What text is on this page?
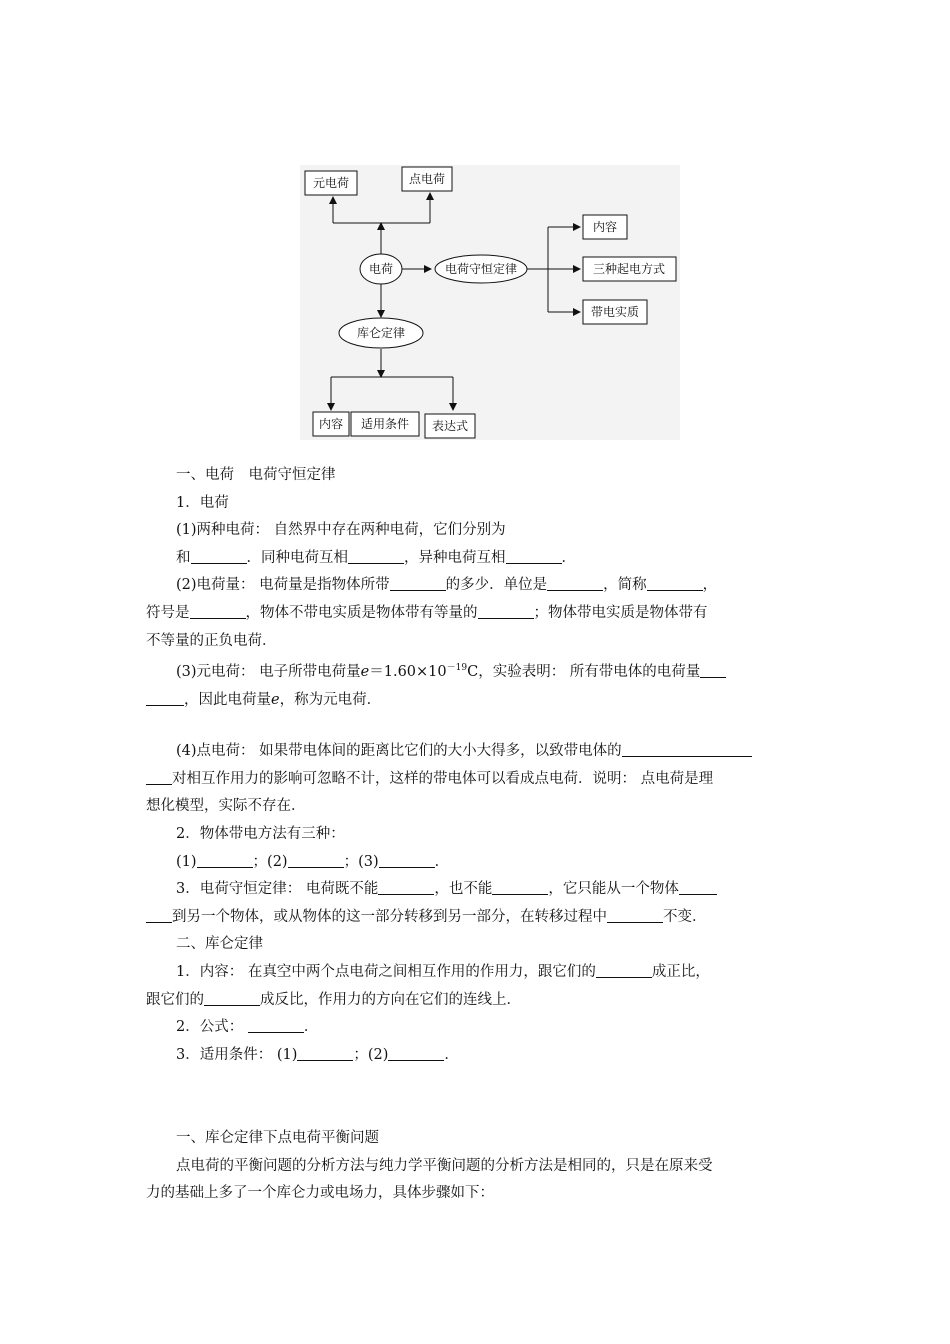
元电荷	点电荷
电荷	电荷守恒定律
内容
三种起电方式
带电实质
库仑定律
内容 适用条件 表达式

一、电荷　电荷守恒定律

1．电荷

(1)两种电荷： 自然界中存在两种电荷，它们分别为

和	．同种电荷互相	，异种电荷互相	．

(2)电荷量： 电荷量是指物体所带	的多少．单位是	，简称	，

符号是	，物体不带电实质是物体带有等量的	；物体带电实质是物体带有

不等量的正负电荷．

(3)元电荷： 电子所带电荷量$e=1.60\times 10^{-19}C$，实验表明： 所有带电体的电荷量

，因此电荷量e，称为元电荷．

(4)点电荷： 如果带电体间的距离比它们的大小大得多，以致带电体的

对相互作用力的影响可忽略不计，这样的带电体可以看成点电荷．说明： 点电荷是理

想化模型，实际不存在．

2．物体带电方法有三种：

(1)	；(2)	；(3)	．

3．电荷守恒定律： 电荷既不能	，也不能	，它只能从一个物体

到另一个物体，或从物体的这一部分转移到另一部分，在转移过程中	不变．

二、库仑定律

1．内容： 在真空中两个点电荷之间相互作用的作用力，跟它们的	成正比，

跟它们的	成反比，作用力的方向在它们的连线上．

2．公式：	．

3．适用条件： (1)	；(2)	．

一、库仑定律下点电荷平衡问题

点电荷的平衡问题的分析方法与纯力学平衡问题的分析方法是相同的，只是在原来受

力的基础上多了一个库仑力或电场力，具体步骤如下：
